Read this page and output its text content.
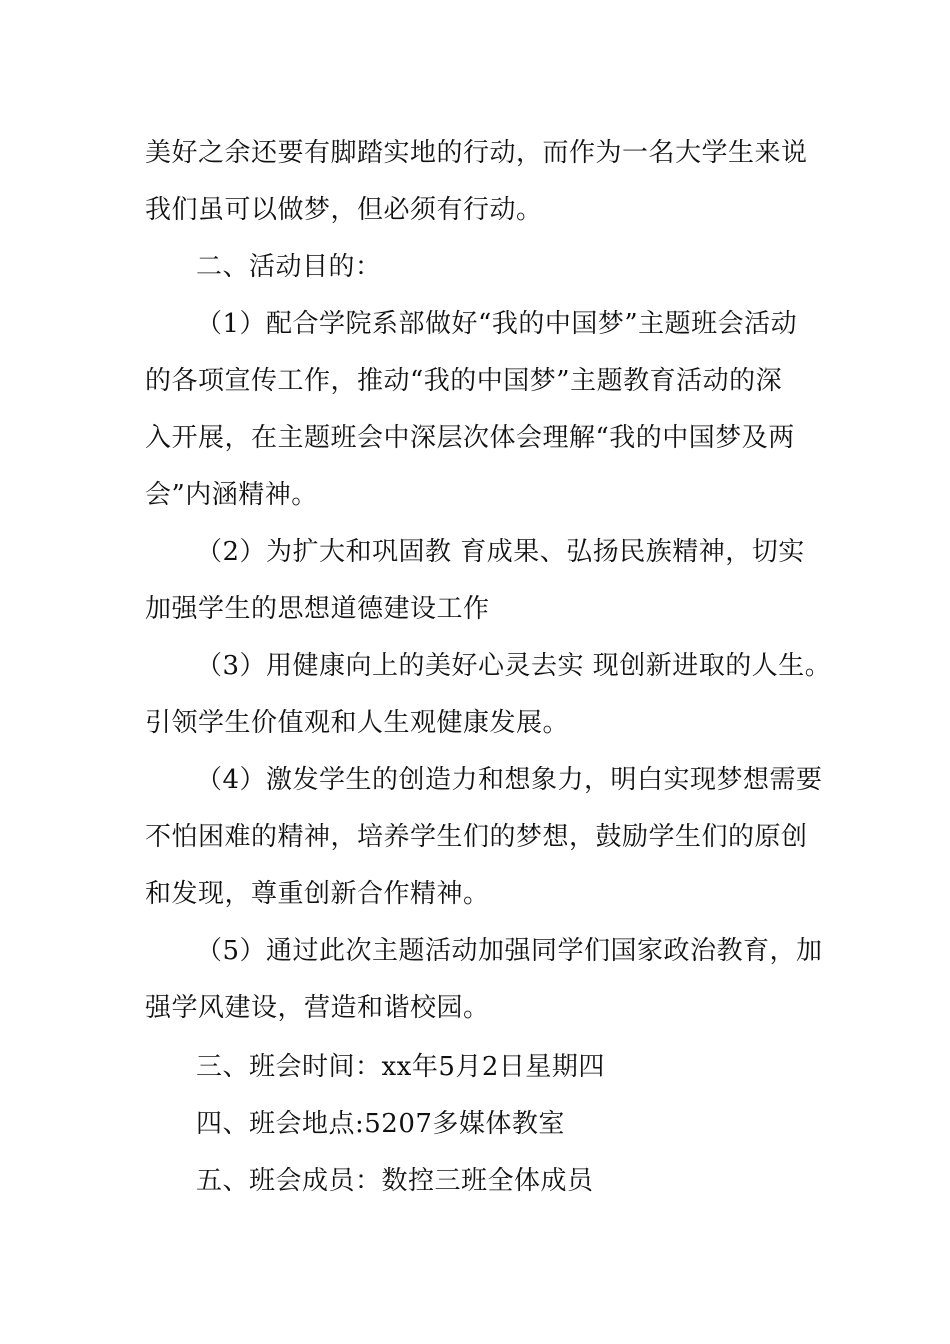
美好之余还要有脚踏实地的行动，而作为一名大学生来说
我们虽可以做梦，但必须有行动。
二、活动目的：
（1）配合学院系部做好“我的中国梦”主题班会活动
的各项宣传工作，推动“我的中国梦”主题教育活动的深
入开展，在主题班会中深层次体会理解“我的中国梦及两
会”内涵精神。
（2）为扩大和巩固教 育成果、弘扬民族精神，切实
加强学生的思想道德建设工作
（3）用健康向上的美好心灵去实 现创新进取的人生。
引领学生价值观和人生观健康发展。
（4）激发学生的创造力和想象力，明白实现梦想需要
不怕困难的精神，培养学生们的梦想，鼓励学生们的原创
和发现，尊重创新合作精神。
（5）通过此次主题活动加强同学们国家政治教育，加
强学风建设，营造和谐校园。
三、班会时间：xx年5月2日星期四
四、班会地点:5207多媒体教室
五、班会成员：数控三班全体成员
